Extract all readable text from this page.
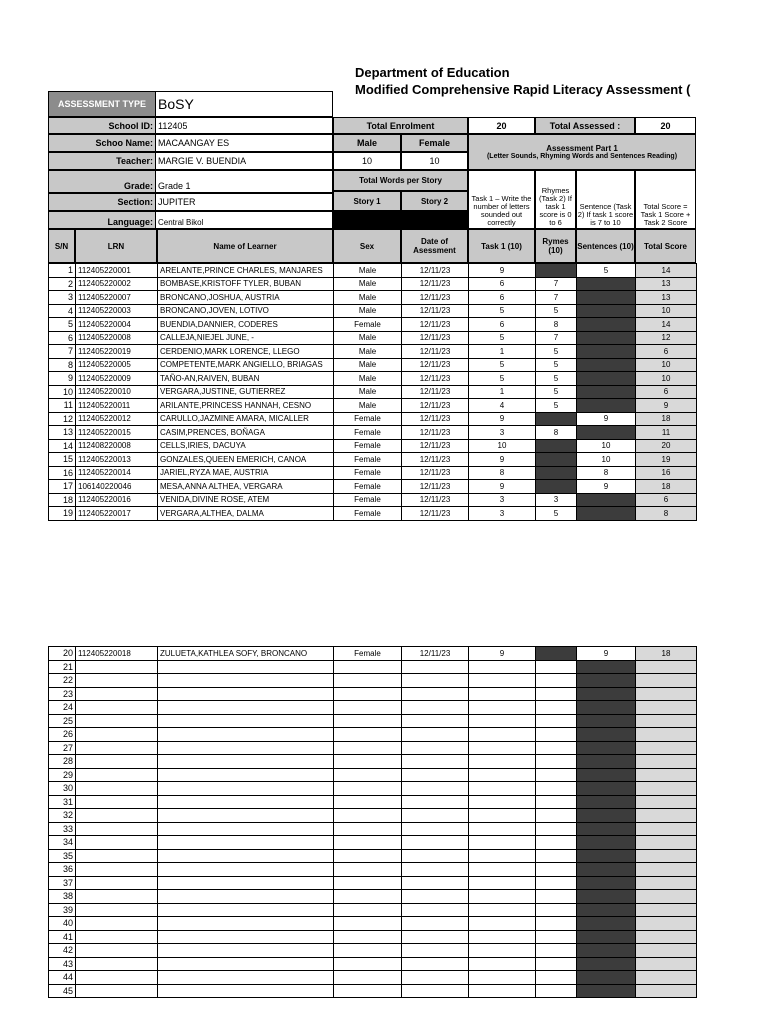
Department of Education
Modified Comprehensive Rapid Literacy Assessment (
ASSESSMENT TYPE BoSY
School ID: 112405
Schoo Name: MACAANGAY ES
Teacher: MARGIE V. BUENDIA
Grade: Grade 1
Section: JUPITER
Language: Central Bikol
Total Enrolment	20	Total Assessed :	20
Male	Female
10	10
Assessment Part 1
(Letter Sounds, Rhyming Words and Sentences Reading)
Total Words per Story
Story 1	Story 2	Task 1 – Write the number of letters sounded out correctly
Rhymes (Task 2) If task 1 score is 0 to 6
Sentence (Task 2) If task 1 score is 7 to 10
Total Score = Task 1 Score + Task 2 Score
S/N	LRN	Name of Learner	Sex	Date of Asessment	Task 1 (10)	Rymes (10)	Sentences (10)	Total Score
1	112405220001	ARELANTE,PRINCE CHARLES, MANJARES	Male	12/11/23	9		5	14
2	112405220002	BOMBASE,KRISTOFF TYLER, BUBAN	Male	12/11/23	6	7		13
3	112405220007	BRONCANO,JOSHUA, AUSTRIA	Male	12/11/23	6	7		13
4	112405220003	BRONCANO,JOVEN, LOTIVO	Male	12/11/23	5	5		10
5	112405220004	BUENDIA,DANNIER, CODERES	Female	12/11/23	6	8		14
6	112405220008	CALLEJA,NIEJEL JUNE, -	Male	12/11/23	5	7		12
7	112405220019	CERDENIO,MARK LORENCE, LLEGO	Male	12/11/23	1	5		6
8	112405220005	COMPETENTE,MARK ANGIELLO, BRIAGAS	Male	12/11/23	5	5		10
9	112405220009	TAÑO-AN,RAIVEN, BUBAN	Male	12/11/23	5	5		10
10	112405220010	VERGARA,JUSTINE, GUTIERREZ	Male	12/11/23	1	5		6
11	112405220011	ARILANTE,PRINCESS HANNAH, CESNO	Male	12/11/23	4	5		9
12	112405220012	CARULLO,JAZMINE AMARA, MICALLER	Female	12/11/23	9		9	18
13	112405220015	CASIM,PRENCES, BOÑAGA	Female	12/11/23	3	8		11
14	112408220008	CELLS,IRIES, DACUYA	Female	12/11/23	10		10	20
15	112405220013	GONZALES,QUEEN EMERICH, CANOA	Female	12/11/23	9		10	19
16	112405220014	JARIEL,RYZA MAE, AUSTRIA	Female	12/11/23	8		8	16
17	106140220046	MESA,ANNA ALTHEA, VERGARA	Female	12/11/23	9		9	18
18	112405220016	VENIDA,DIVINE ROSE, ATEM	Female	12/11/23	3	3		6
19	112405220017	VERGARA,ALTHEA, DALMA	Female	12/11/23	3	5		8
20	112405220018	ZULUETA,KATHLEA SOFY, BRONCANO	Female	12/11/23	9		9	18
21								
22								
23								
24								
25								
26								
27								
28								
29								
30								
31								
32								
33								
34								
35								
36								
37								
38								
39								
40								
41								
42								
43								
44								
45								
